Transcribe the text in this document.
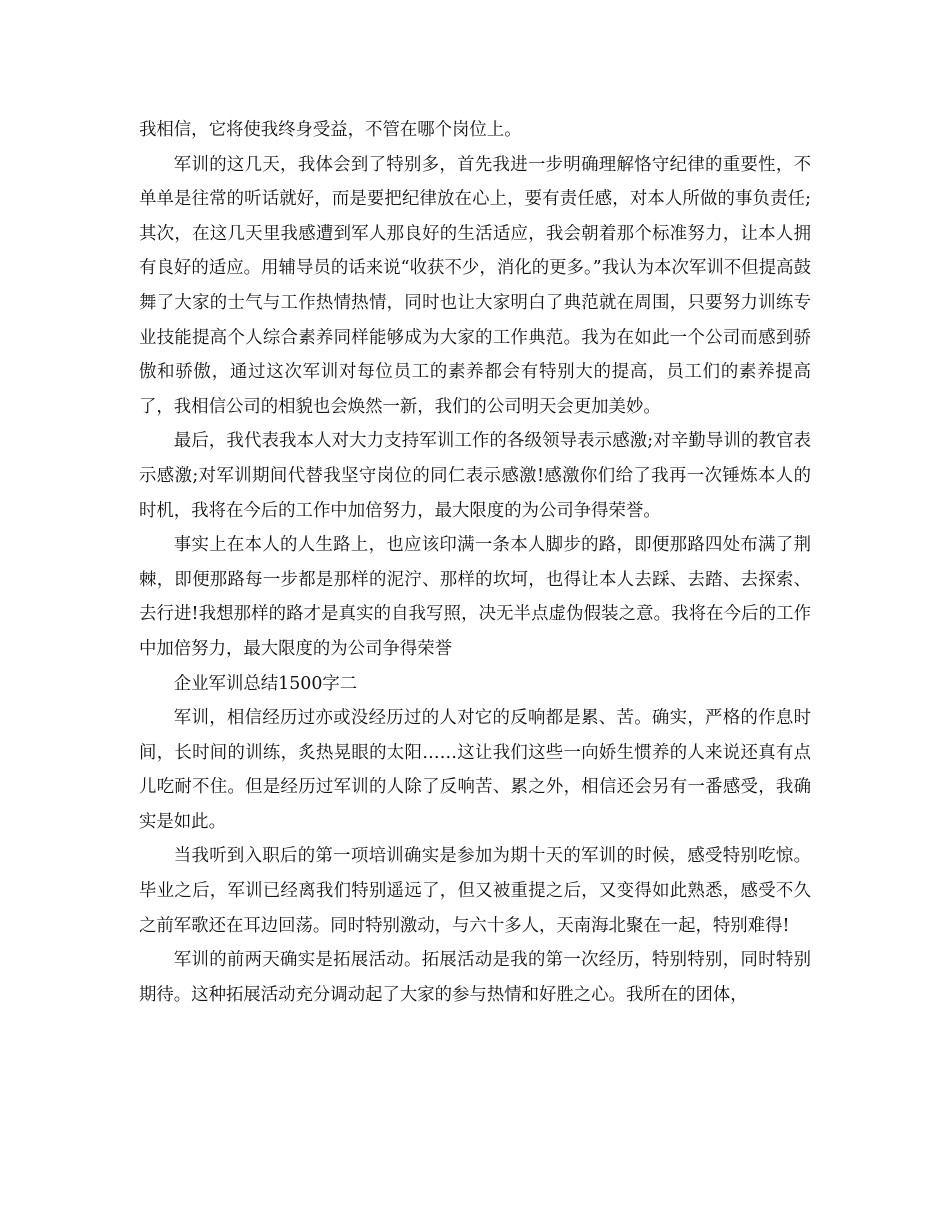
我相信，它将使我终身受益，不管在哪个岗位上。

军训的这几天，我体会到了特别多，首先我进一步明确理解恪守纪律的重要性，不单单是往常的听话就好，而是要把纪律放在心上，要有责任感，对本人所做的事负责任;其次，在这几天里我感遭到军人那良好的生活适应，我会朝着那个标准努力，让本人拥有良好的适应。用辅导员的话来说“收获不少，消化的更多。”我认为本次军训不但提高鼓舞了大家的士气与工作热情热情，同时也让大家明白了典范就在周围，只要努力训练专业技能提高个人综合素养同样能够成为大家的工作典范。我为在如此一个公司而感到骄傲和骄傲，通过这次军训对每位员工的素养都会有特别大的提高，员工们的素养提高了，我相信公司的相貌也会焕然一新，我们的公司明天会更加美妙。

最后，我代表我本人对大力支持军训工作的各级领导表示感激;对辛勤导训的教官表示感激;对军训期间代替我坚守岗位的同仁表示感激!感激你们给了我再一次锤炼本人的时机，我将在今后的工作中加倍努力，最大限度的为公司争得荣誉。

事实上在本人的人生路上，也应该印满一条本人脚步的路，即便那路四处布满了荆棘，即便那路每一步都是那样的泥泞、那样的坎坷，也得让本人去踩、去踏、去探索、去行进!我想那样的路才是真实的自我写照，决无半点虚伪假装之意。我将在今后的工作中加倍努力，最大限度的为公司争得荣誉

企业军训总结1500字二

军训，相信经历过亦或没经历过的人对它的反响都是累、苦。确实，严格的作息时间，长时间的训练，炙热晃眼的太阳……这让我们这些一向娇生惯养的人来说还真有点儿吃耐不住。但是经历过军训的人除了反响苦、累之外，相信还会另有一番感受，我确实是如此。

当我听到入职后的第一项培训确实是参加为期十天的军训的时候，感受特别吃惊。毕业之后，军训已经离我们特别遥远了，但又被重提之后，又变得如此熟悉，感受不久之前军歌还在耳边回荡。同时特别激动，与六十多人，天南海北聚在一起，特别难得!

军训的前两天确实是拓展活动。拓展活动是我的第一次经历，特别特别，同时特别期待。这种拓展活动充分调动起了大家的参与热情和好胜之心。我所在的团体，
